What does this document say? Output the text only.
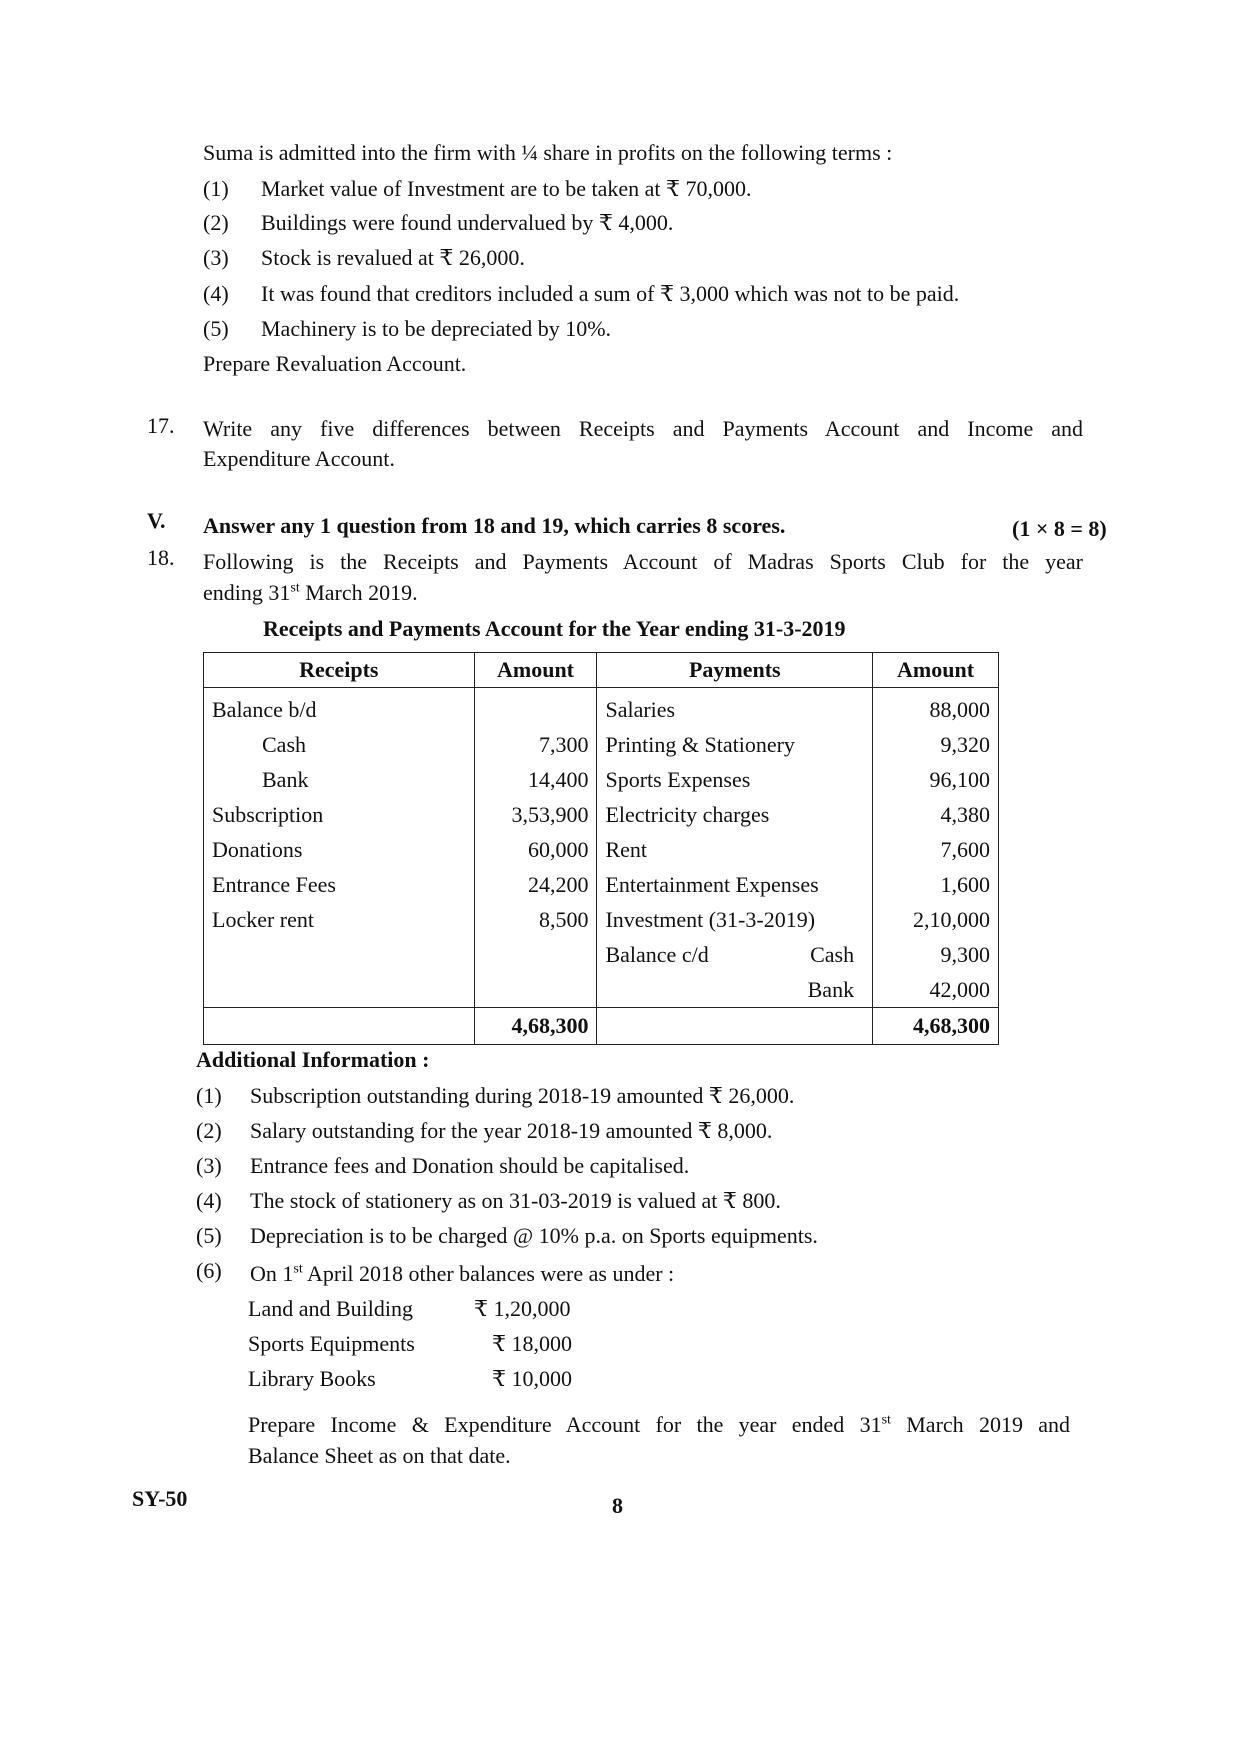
Suma is admitted into the firm with ¼ share in profits on the following terms :
(1) Market value of Investment are to be taken at ₹ 70,000.
(2) Buildings were found undervalued by ₹ 4,000.
(3) Stock is revalued at ₹ 26,000.
(4) It was found that creditors included a sum of ₹ 3,000 which was not to be paid.
(5) Machinery is to be depreciated by 10%.
Prepare Revaluation Account.
17. Write any five differences between Receipts and Payments Account and Income and
Expenditure Account.
V. Answer any 1 question from 18 and 19, which carries 8 scores.	(1 × 8 = 8)
18. Following is the Receipts and Payments Account of Madras Sports Club for the year
ending 31st March 2019.
Receipts and Payments Account for the Year ending 31-3-2019
Receipts	Amount	Payments	Amount
Balance b/d		Salaries	88,000
Cash	7,300	Printing & Stationery	9,320
Bank	14,400	Sports Expenses	96,100
Subscription	3,53,900	Electricity charges	4,380
Donations	60,000	Rent	7,600
Entrance Fees	24,200	Entertainment Expenses	1,600
Locker rent	8,500	Investment (31-3-2019)	2,10,000

		Balance c/d Cash	9,300

		Bank	42,000
	4,68,300		4,68,300
Additional Information :
(1) Subscription outstanding during 2018-19 amounted ₹ 26,000.
(2) Salary outstanding for the year 2018-19 amounted ₹ 8,000.
(3) Entrance fees and Donation should be capitalised.
(4) The stock of stationery as on 31-03-2019 is valued at ₹ 800.
(5) Depreciation is to be charged @ 10% p.a. on Sports equipments.
(6) On 1st April 2018 other balances were as under :
Land and Building	₹ 1,20,000
Sports Equipments	₹ 18,000
Library Books	₹ 10,000
Prepare Income & Expenditure Account for the year ended 31st March 2019 and
Balance Sheet as on that date.
SY-50	8
